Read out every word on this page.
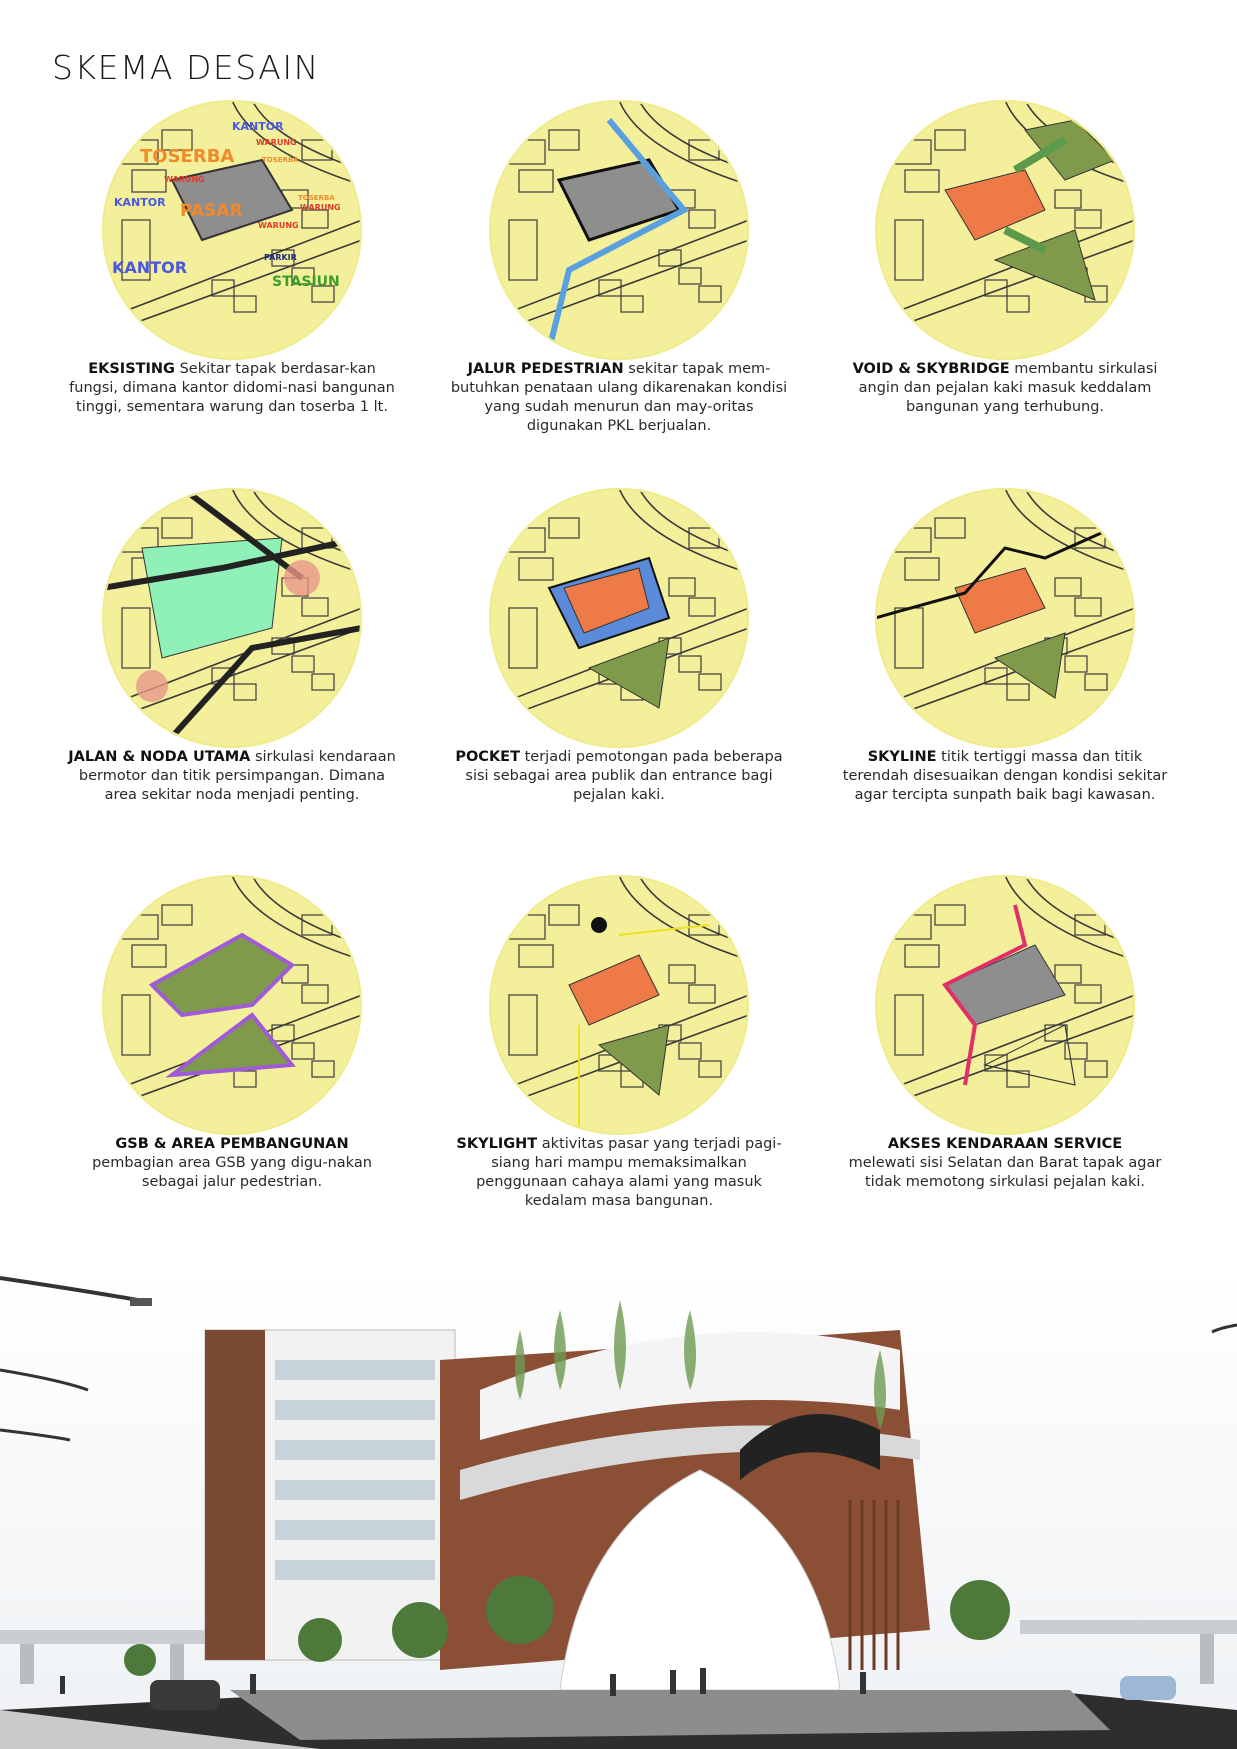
SKEMA DESAIN
KANTOR
TOSERBA
WARUNG
WARUNG
TOSERBA
KANTOR PASAR
TOSERBA
WARUNG
WARUNG
PARKIR
KANTOR
STASIUN
EKSISTING Sekitar tapak berdasar-kan fungsi, dimana kantor didomi-nasi bangunan tinggi, sementara warung dan toserba 1 lt.
JALUR PEDESTRIAN sekitar tapak mem-butuhkan penataan ulang dikarenakan kondisi yang sudah menurun dan may-oritas digunakan PKL berjualan.
VOID & SKYBRIDGE membantu sirkulasi angin dan pejalan kaki masuk keddalam bangunan yang terhubung.
JALAN & NODA UTAMA sirkulasi kendaraan bermotor dan titik persimpangan. Dimana area sekitar noda menjadi penting.
POCKET terjadi pemotongan pada beberapa sisi sebagai area publik dan entrance bagi pejalan kaki.
SKYLINE titik tertiggi massa dan titik terendah disesuaikan dengan kondisi sekitar agar tercipta sunpath baik bagi kawasan.
GSB & AREA PEMBANGUNAN
pembagian area GSB yang digu-nakan sebagai jalur pedestrian.
SKYLIGHT aktivitas pasar yang terjadi pagi-siang hari mampu memaksimalkan penggunaan cahaya alami yang masuk kedalam masa bangunan.
AKSES KENDARAAN SERVICE
melewati sisi Selatan dan Barat tapak agar tidak memotong sirkulasi pejalan kaki.
